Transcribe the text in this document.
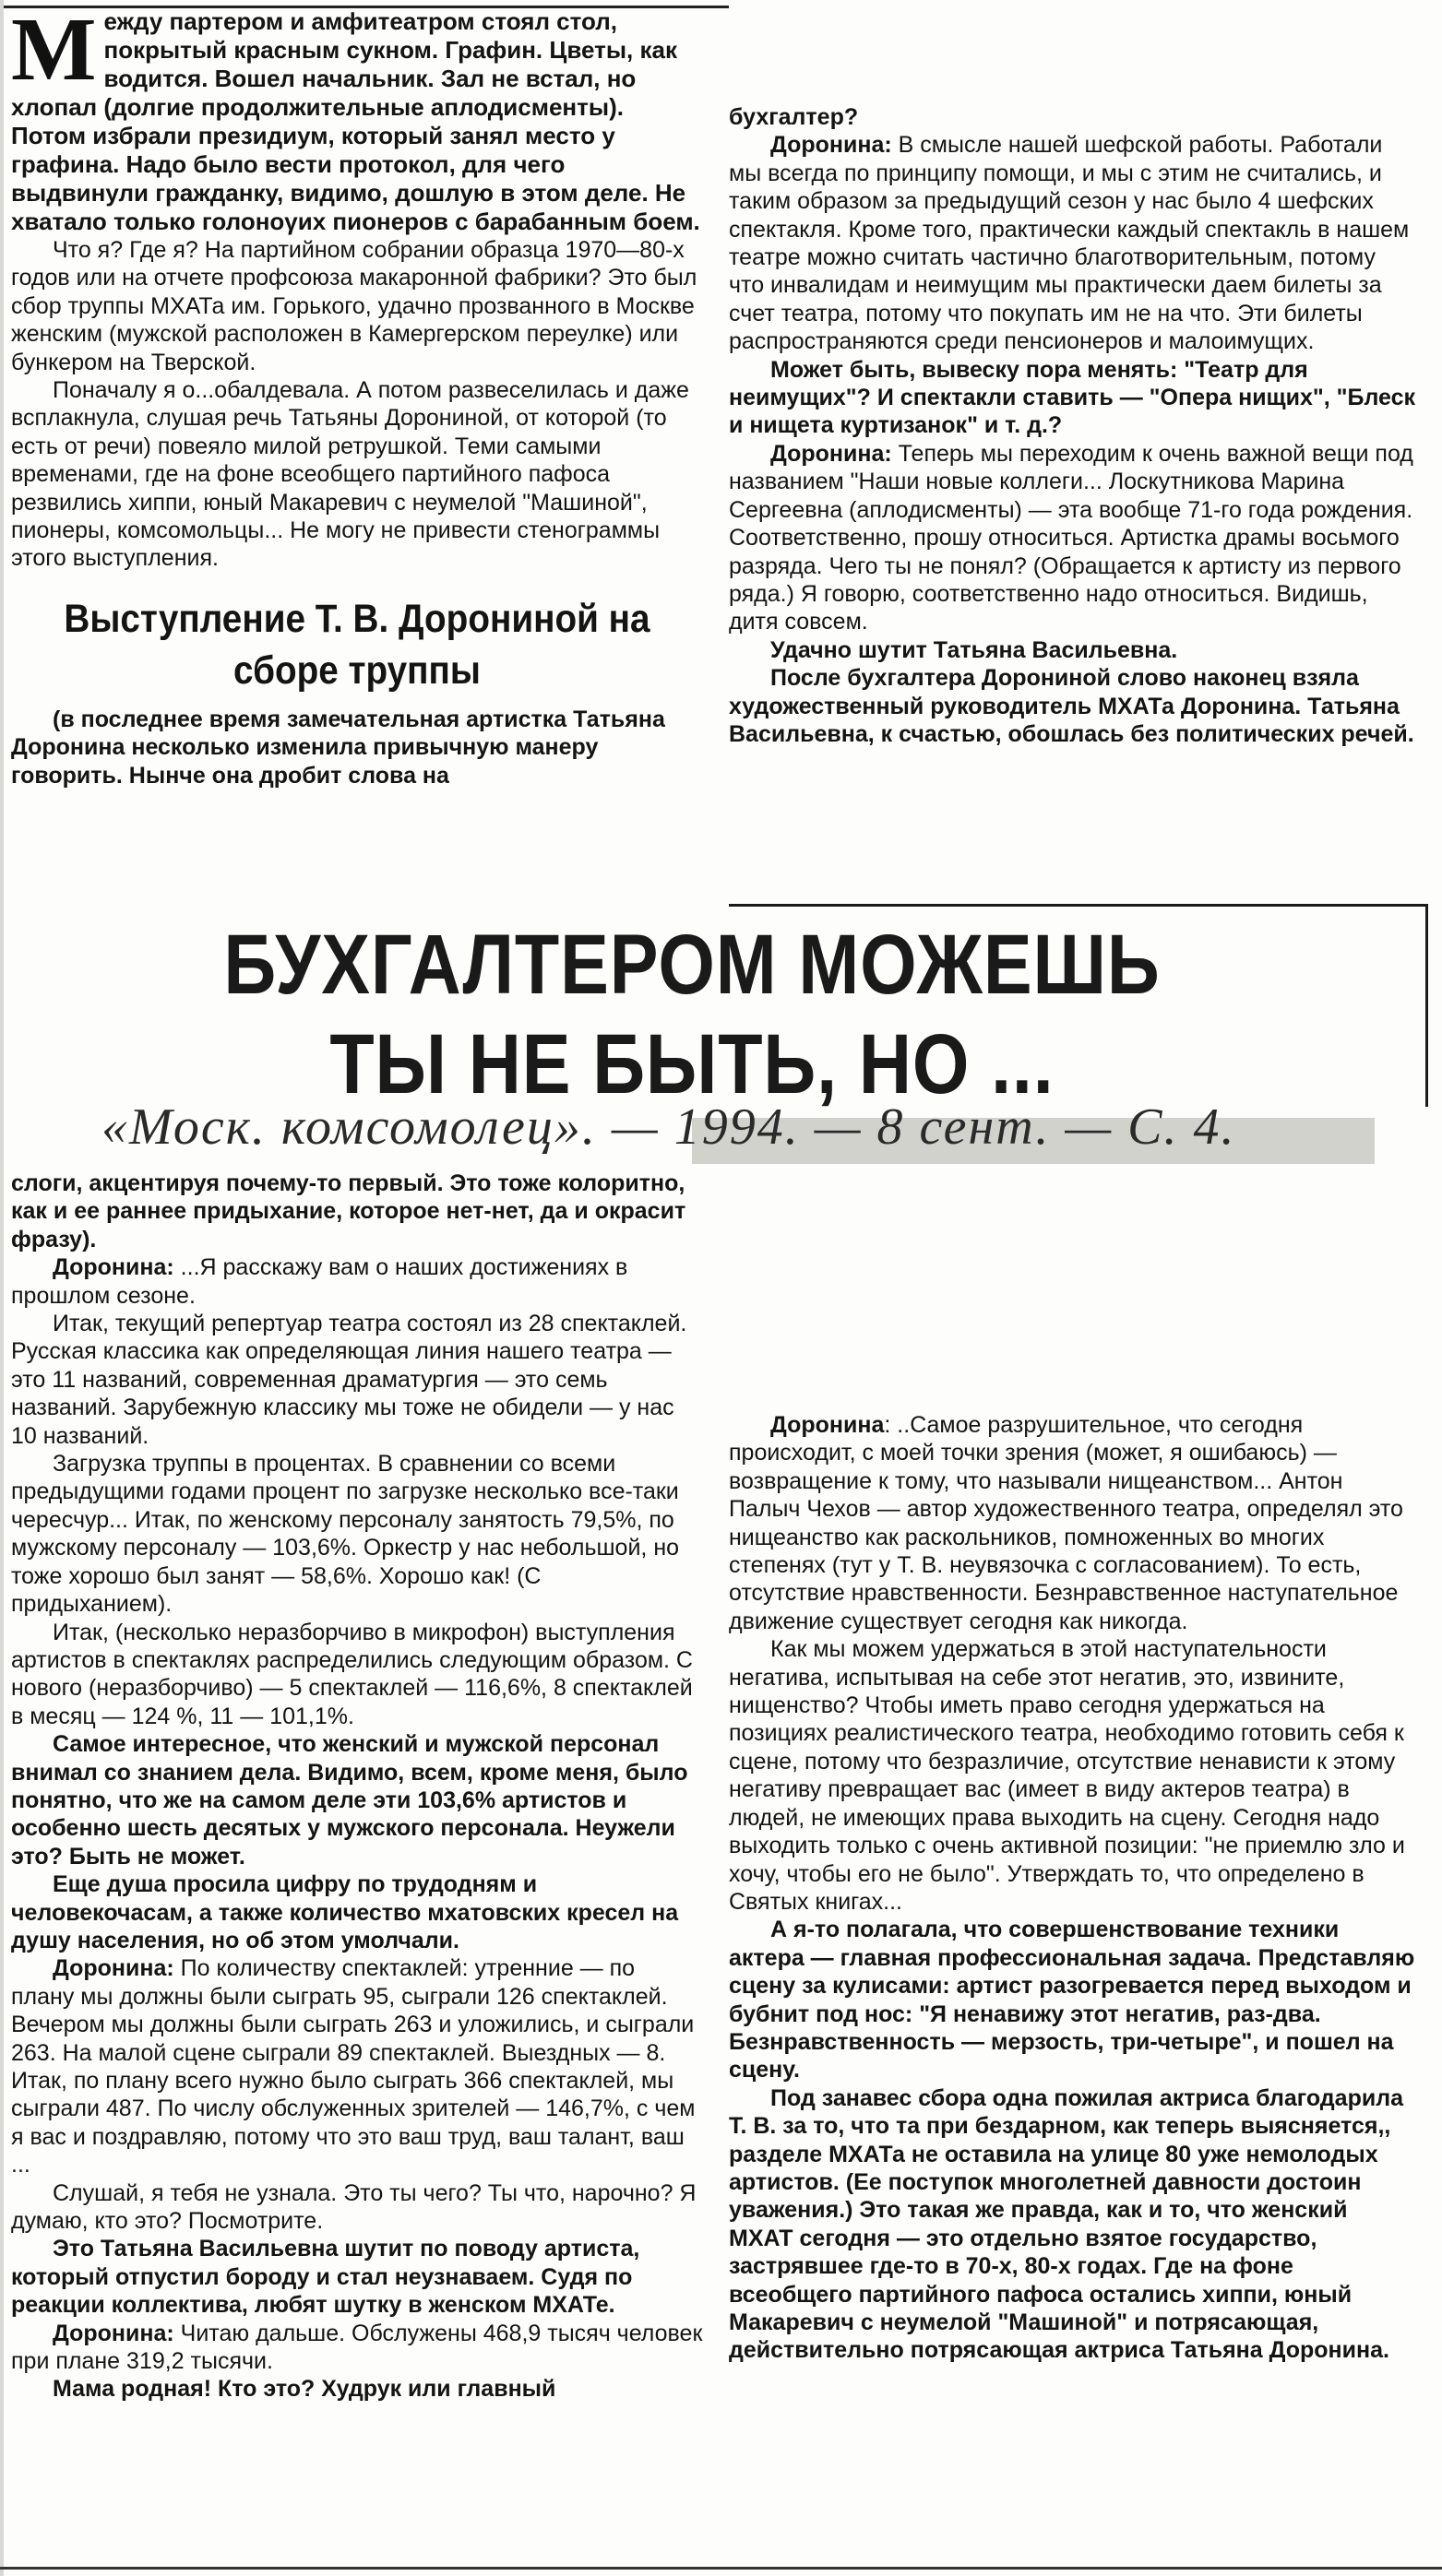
Между партером и амфитеатром стоял стол, покрытый красным сукном. Графин. Цветы, как водится. Вошел начальник. Зал не встал, но хлопал (долгие продолжительные аплодисменты). Потом избрали президиум, который занял место у графина. Надо было вести протокол, для чего выдвинули гражданку, видимо, дошлую в этом деле. Не хватало только голонογих пионеров с барабанным боем.

Что я? Где я? На партийном собрании образца 1970—80-х годов или на отчете профсоюза макаронной фабрики? Это был сбор труппы МХАТа им. Горького, удачно прозванного в Москве женским (мужской расположен в Камергерском переулке) или бункером на Тверской.

Поначалу я о...обалдевала. А потом развеселилась и даже всплакнула, слушая речь Татьяны Дорониной, от которой (то есть от речи) повеяло милой ретрушкой. Теми самыми временами, где на фоне всеобщего партийного пафоса резвились хиппи, юный Макаревич с неумелой "Машиной", пионеры, комсомольцы... Не могу не привести стенограммы этого выступления.

Выступление Т. В. Дорониной на сборе труппы

(в последнее время замечательная артистка Татьяна Доронина несколько изменила привычную манеру говорить. Нынче она дробит слова на

бухгалтер?

Доронина: В смысле нашей шефской работы. Работали мы всегда по принципу помощи, и мы с этим не считались, и таким образом за предыдущий сезон у нас было 4 шефских спектакля. Кроме того, практически каждый спектакль в нашем театре можно считать частично благотворительным, потому что инвалидам и неимущим мы практически даем билеты за счет театра, потому что покупать им не на что. Эти билеты распространяются среди пенсионеров и малоимущих.

Может быть, вывеску пора менять: "Театр для неимущих"? И спектакли ставить — "Опера нищих", "Блеск и нищета куртизанок" и т. д.?

Доронина: Теперь мы переходим к очень важной вещи под названием "Наши новые коллеги... Лоскутникова Марина Сергеевна (аплодисменты) — эта вообще 71-го года рождения. Соответственно, прошу относиться. Артистка драмы восьмого разряда. Чего ты не понял? (Обращается к артисту из первого ряда.) Я говорю, соответственно надо относиться. Видишь, дитя совсем.

Удачно шутит Татьяна Васильевна.

После бухгалтера Дорониной слово наконец взяла художественный руководитель МХАТа Доронина. Татьяна Васильевна, к счастью, обошлась без политических речей.

БУХГАЛТЕРОМ МОЖЕШЬ
ТЫ НЕ БЫТЬ, НО ...
«Моск. комсомолец». — 1994. — 8 сент. — С. 4.

слоги, акцентируя почему-то первый. Это тоже колоритно, как и ее раннее придыхание, которое нет-нет, да и окрасит фразу).

Доронина: ...Я расскажу вам о наших достижениях в прошлом сезоне.

Итак, текущий репертуар театра состоял из 28 спектаклей. Русская классика как определяющая линия нашего театра — это 11 названий, современная драматургия — это семь названий. Зарубежную классику мы тоже не обидели — у нас 10 названий.

Загрузка труппы в процентах. В сравнении со всеми предыдущими годами процент по загрузке несколько все-таки чересчур... Итак, по женскому персоналу занятость 79,5%, по мужскому персоналу — 103,6%. Оркестр у нас небольшой, но тоже хорошо был занят — 58,6%. Хорошо как! (С придыханием).

Итак, (несколько неразборчиво в микрофон) выступления артистов в спектаклях распределились следующим образом. С нового (неразборчиво) — 5 спектаклей — 116,6%, 8 спектаклей в месяц — 124 %, 11 — 101,1%.

Самое интересное, что женский и мужской персонал внимал со знанием дела. Видимо, всем, кроме меня, было понятно, что же на самом деле эти 103,6% артистов и особенно шесть десятых у мужского персонала. Неужели это? Быть не может.

Еще душа просила цифру по трудодням и человекочасам, а также количество мхатовских кресел на душу населения, но об этом умолчали.

Доронина: По количеству спектаклей: утренние — по плану мы должны были сыграть 95, сыграли 126 спектаклей. Вечером мы должны были сыграть 263 и уложились, и сыграли 263. На малой сцене сыграли 89 спектаклей. Выездных — 8. Итак, по плану всего нужно было сыграть 366 спектаклей, мы сыграли 487. По числу обслуженных зрителей — 146,7%, с чем я вас и поздравляю, потому что это ваш труд, ваш талант, ваш ...

Слушай, я тебя не узнала. Это ты чего? Ты что, нарочно? Я думаю, кто это? Посмотрите.

Это Татьяна Васильевна шутит по поводу артиста, который отпустил бороду и стал неузнаваем. Судя по реакции коллектива, любят шутку в женском МХАТе.

Доронина: Читаю дальше. Обслужены 468,9 тысяч человек при плане 319,2 тысячи.

Мама родная! Кто это? Худрук или главный

Доронина: ..Самое разрушительное, что сегодня происходит, с моей точки зрения (может, я ошибаюсь) — возвращение к тому, что называли нищеанством... Антон Палыч Чехов — автор художественного театра, определял это нищеанство как раскольников, помноженных во многих степенях (тут у Т. В. неувязочка с согласованием). То есть, отсутствие нравственности. Безнравственное наступательное движение существует сегодня как никогда.

Как мы можем удержаться в этой наступательности негатива, испытывая на себе этот негатив, это, извините, нищенство? Чтобы иметь право сегодня удержаться на позициях реалистического театра, необходимо готовить себя к сцене, потому что безразличие, отсутствие ненависти к этому негативу превращает вас (имеет в виду актеров театра) в людей, не имеющих права выходить на сцену. Сегодня надо выходить только с очень активной позиции: "не приемлю зло и хочу, чтобы его не было". Утверждать то, что определено в Святых книгах...

А я-то полагала, что совершенствование техники актера — главная профессиональная задача. Представляю сцену за кулисами: артист разогревается перед выходом и бубнит под нос: "Я ненавижу этот негатив, раз-два. Безнравственность — мерзость, три-четыре", и пошел на сцену.

Под занавес сбора одна пожилая актриса благодарила Т. В. за то, что та при бездарном, как теперь выясняется,, разделе МХАТа не оставила на улице 80 уже немолодых артистов. (Ее поступок многолетней давности достоин уважения.) Это такая же правда, как и то, что женский МХАТ сегодня — это отдельно взятое государство, застрявшее где-то в 70-х, 80-х годах. Где на фоне всеобщего партийного пафоса остались хиппи, юный Макаревич с неумелой "Машиной" и потрясающая, действительно потрясающая актриса Татьяна Доронина.
